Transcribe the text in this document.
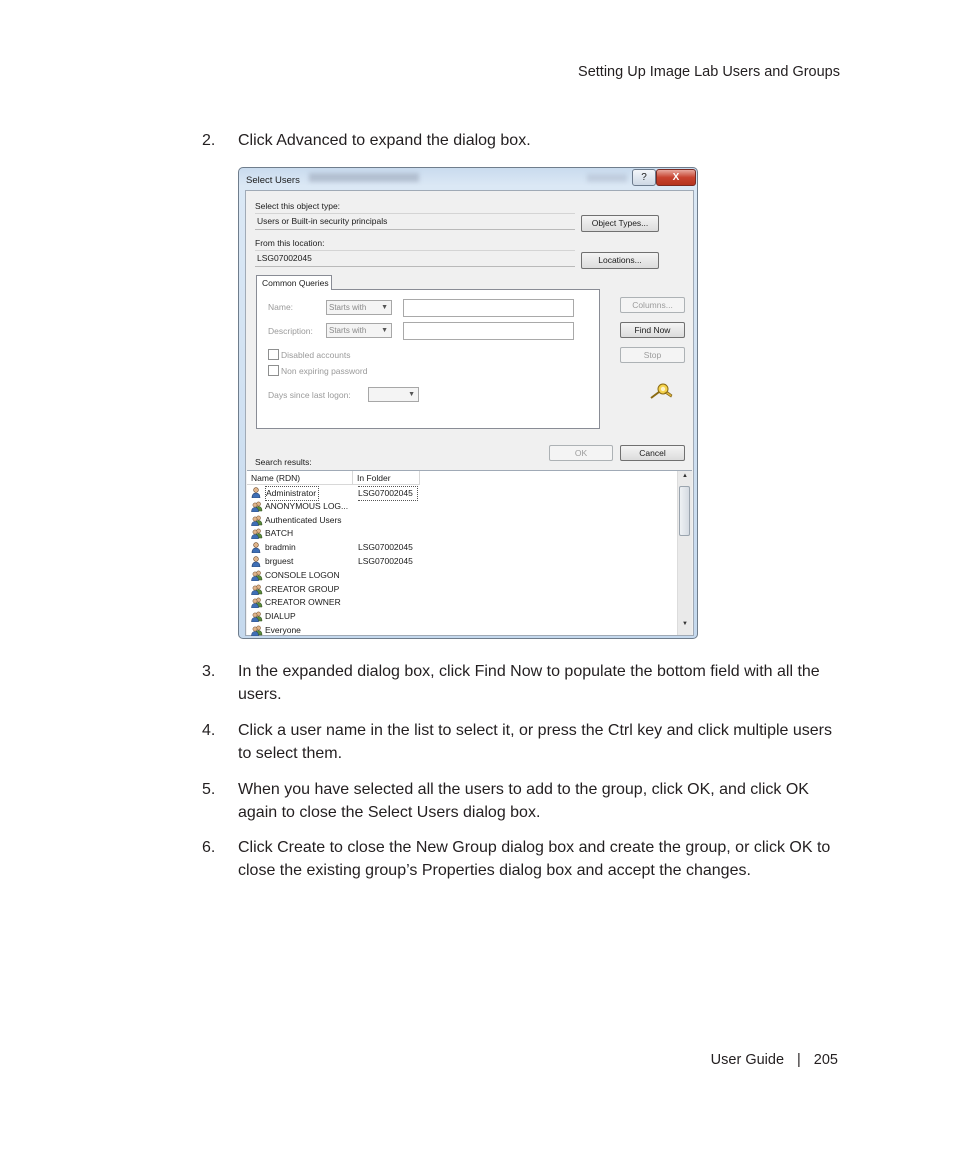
Setting Up Image Lab Users and Groups
2. Click Advanced to expand the dialog box.
Select Users	?	X
Select this object type:
Users or Built-in security principals	Object Types...
From this location:
LSG07002045	Locations...
Common Queries
Name:	Starts with ▼
Description:	Starts with ▼
Disabled accounts
Non expiring password
Days since last logon:	▼
Columns...
Find Now
Stop
OK	Cancel
Search results:
Name (RDN)	In Folder
Administrator	LSG07002045
ANONYMOUS LOG...
Authenticated Users
BATCH
bradmin	LSG07002045
brguest	LSG07002045
CONSOLE LOGON
CREATOR GROUP
CREATOR OWNER
DIALUP
Everyone
▲
▼
3. In the expanded dialog box, click Find Now to populate the bottom field with all the users.
4. Click a user name in the list to select it, or press the Ctrl key and click multiple users to select them.
5. When you have selected all the users to add to the group, click OK, and click OK again to close the Select Users dialog box.
6. Click Create to close the New Group dialog box and create the group, or click OK to close the existing group’s Properties dialog box and accept the changes.
User Guide | 205
